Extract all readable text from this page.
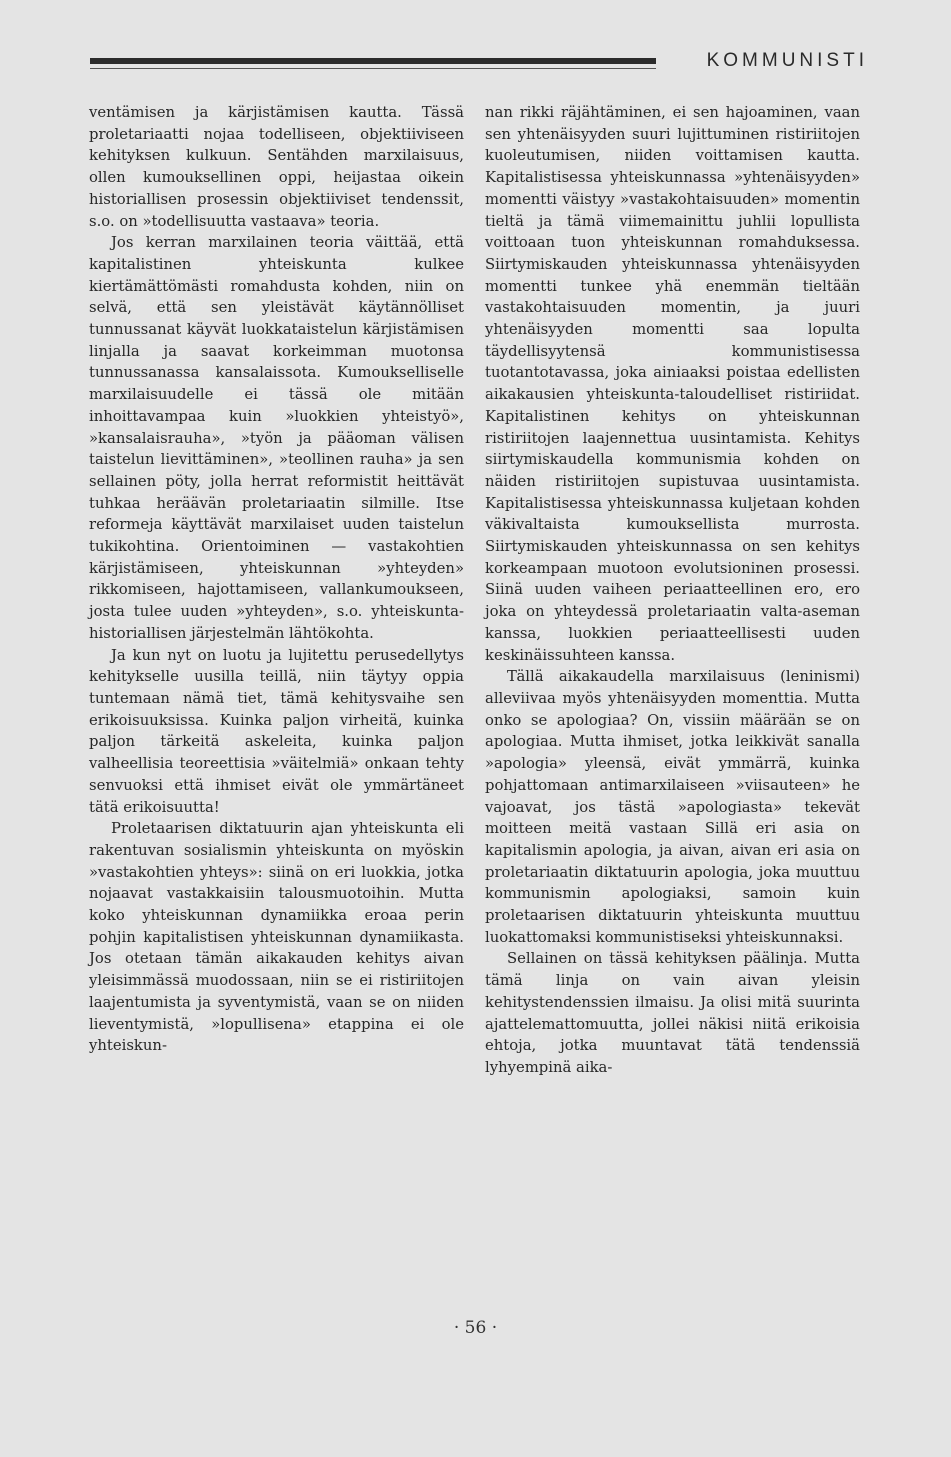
KOMMUNISTI

ventämisen ja kärjistämisen kautta. Tässä proletariaatti nojaa todelliseen, objektiiviseen kehityksen kulkuun. Sentähden marxilaisuus, ollen kumouksellinen oppi, heijastaa oikein historiallisen prosessin objektiiviset tendenssit, s.o. on »todellisuutta vastaava» teoria.

Jos kerran marxilainen teoria väittää, että kapitalistinen yhteiskunta kulkee kiertämättömästi romahdusta kohden, niin on selvä, että sen yleistävät käytännölliset tunnussanat käyvät luokkataistelun kärjistämisen linjalla ja saavat korkeimman muotonsa tunnussanassa kansalaissota. Kumoukselliselle marxilaisuudelle ei tässä ole mitään inhoittavampaa kuin »luokkien yhteistyö», »kansalaisrauha», »työn ja pääoman välisen taistelun lievittäminen», »teollinen rauha» ja sen sellainen pöty, jolla herrat reformistit heittävät tuhkaa heräävän proletariaatin silmille. Itse reformeja käyttävät marxilaiset uuden taistelun tukikohtina. Orientoiminen — vastakohtien kärjistämiseen, yhteiskunnan »yhteyden» rikkomiseen, hajottamiseen, vallankumoukseen, josta tulee uuden »yhteyden», s.o. yhteiskunta-historiallisen järjestelmän lähtökohta.

Ja kun nyt on luotu ja lujitettu perusedellytys kehitykselle uusilla teillä, niin täytyy oppia tuntemaan nämä tiet, tämä kehitysvaihe sen erikoisuuksissa. Kuinka paljon virheitä, kuinka paljon tärkeitä askeleita, kuinka paljon valheellisia teoreettisia »väitelmiä» onkaan tehty senvuoksi että ihmiset eivät ole ymmärtäneet tätä erikoisuutta!

Proletaarisen diktatuurin ajan yhteiskunta eli rakentuvan sosialismin yhteiskunta on myöskin »vastakohtien yhteys»: siinä on eri luokkia, jotka nojaavat vastakkaisiin talousmuotoihin. Mutta koko yhteiskunnan dynamiikka eroaa perin pohjin kapitalistisen yhteiskunnan dynamiikasta. Jos otetaan tämän aikakauden kehitys aivan yleisimmässä muodossaan, niin se ei ristiriitojen laajentumista ja syventymistä, vaan se on niiden lieventymistä, »lopullisena» etappina ei ole yhteiskun-

nan rikki räjähtäminen, ei sen hajoaminen, vaan sen yhtenäisyyden suuri lujittuminen ristiriitojen kuoleutumisen, niiden voittamisen kautta. Kapitalistisessa yhteiskunnassa »yhtenäisyyden» momentti väistyy »vastakohtaisuuden» momentin tieltä ja tämä viimemainittu juhlii lopullista voittoaan tuon yhteiskunnan romahduksessa. Siirtymiskauden yhteiskunnassa yhtenäisyyden momentti tunkee yhä enemmän tieltään vastakohtaisuuden momentin, ja juuri yhtenäisyyden momentti saa lopulta täydellisyytensä kommunistisessa tuotantotavassa, joka ainiaaksi poistaa edellisten aikakausien yhteiskunta-taloudelliset ristiriidat. Kapitalistinen kehitys on yhteiskunnan ristiriitojen laajennettua uusintamista. Kehitys siirtymiskaudella kommunismia kohden on näiden ristiriitojen supistuvaa uusintamista. Kapitalistisessa yhteiskunnassa kuljetaan kohden väkivaltaista kumouksellista murrosta. Siirtymiskauden yhteiskunnassa on sen kehitys korkeampaan muotoon evolutsioninen prosessi. Siinä uuden vaiheen periaatteellinen ero, ero joka on yhteydessä proletariaatin valta-aseman kanssa, luokkien periaatteellisesti uuden keskinäissuhteen kanssa.

Tällä aikakaudella marxilaisuus (leninismi) alleviivaa myös yhtenäisyyden momenttia. Mutta onko se apologiaa? On, vissiin määrään se on apologiaa. Mutta ihmiset, jotka leikkivät sanalla »apologia» yleensä, eivät ymmärrä, kuinka pohjattomaan antimarxilaiseen »viisauteen» he vajoavat, jos tästä »apologiasta» tekevät moitteen meitä vastaan Sillä eri asia on kapitalismin apologia, ja aivan, aivan eri asia on proletariaatin diktatuurin apologia, joka muuttuu kommunismin apologiaksi, samoin kuin proletaarisen diktatuurin yhteiskunta muuttuu luokattomaksi kommunistiseksi yhteiskunnaksi.

Sellainen on tässä kehityksen päälinja. Mutta tämä linja on vain aivan yleisin kehitystendenssien ilmaisu. Ja olisi mitä suurinta ajattelemattomuutta, jollei näkisi niitä erikoisia ehtoja, jotka muuntavat tätä tendenssiä lyhyempinä aika-

· 56 ·
